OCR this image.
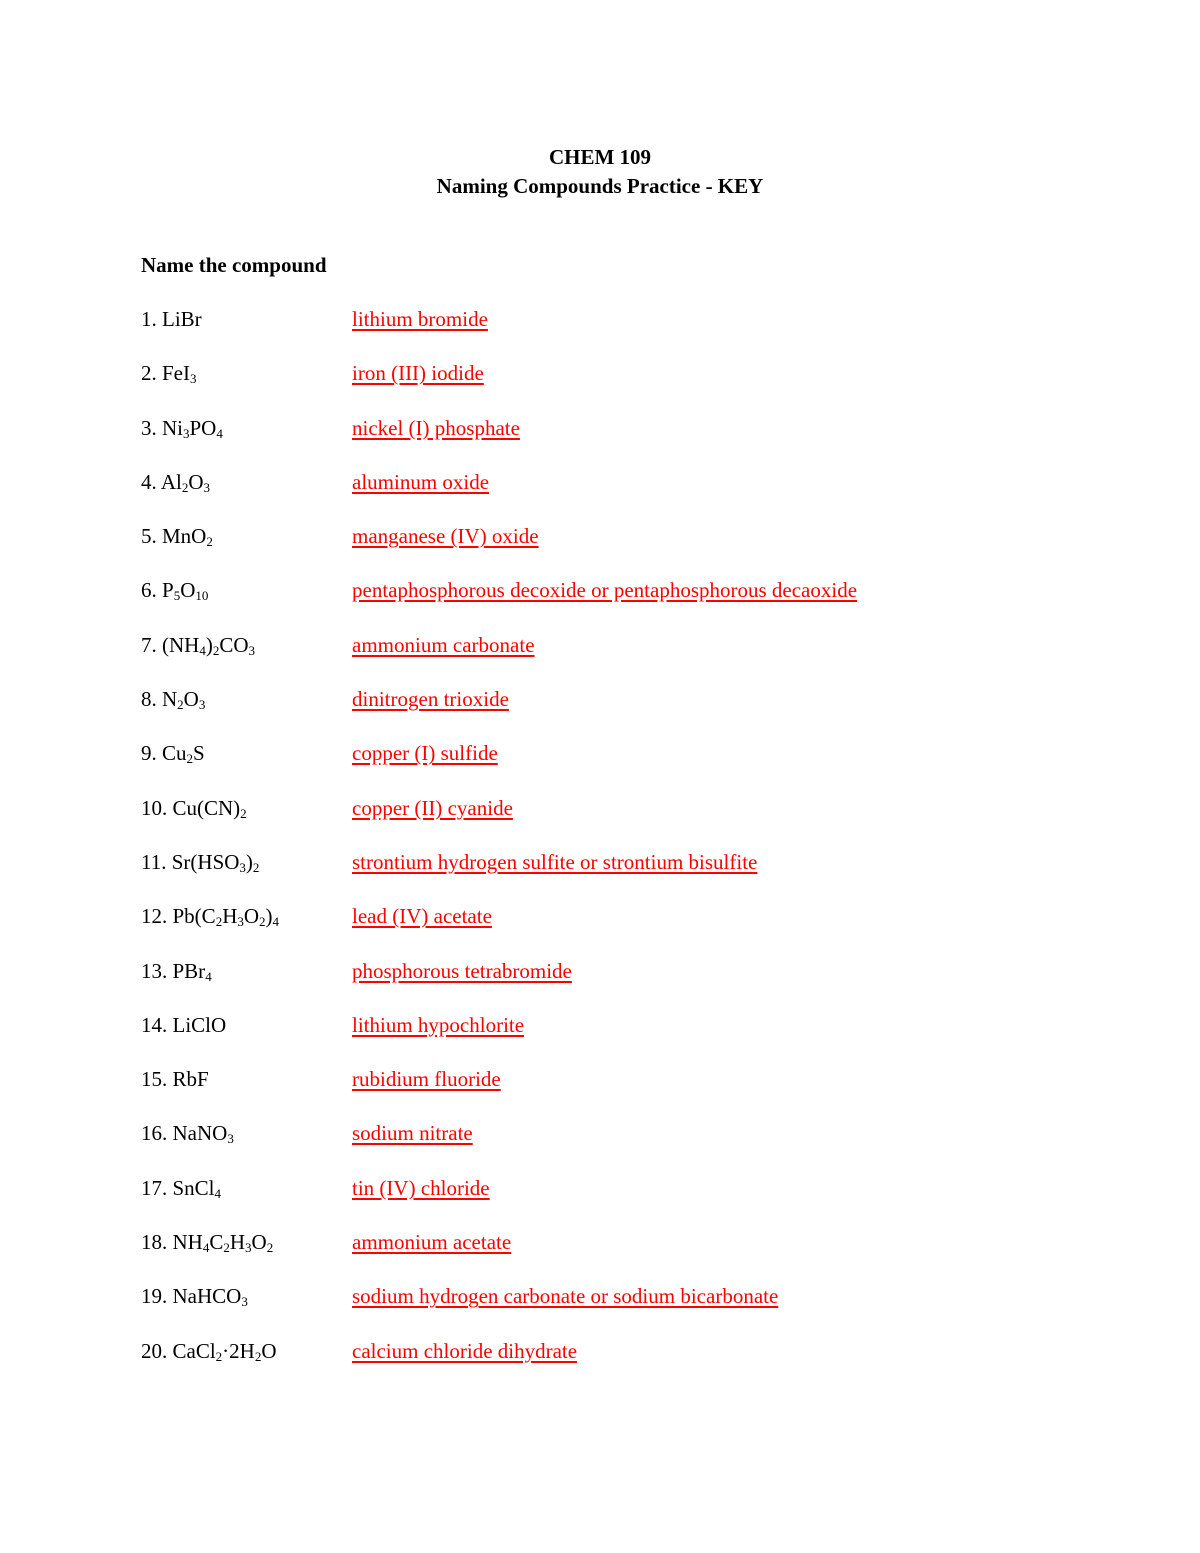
CHEM 109
Naming Compounds Practice - KEY
Name the compound
1. LiBr	lithium bromide
2. FeI$_3$	iron (III) iodide
3. $Ni_3PO_4$	nickel (I) phosphate
4. $Al_2O_3$	aluminum oxide
5. MnO$_2$	manganese (IV) oxide
6. $P_5O_{10}$	pentaphosphorous decoxide or pentaphosphorous decaoxide
7. $(NH_4)_2CO_3$	ammonium carbonate
8. $N_2O_3$	dinitrogen trioxide
9. $Cu_2S$	copper (I) sulfide
10. $Cu(CN)_2$	copper (II) cyanide
11. $Sr(HSO_3)_2$	strontium hydrogen sulfite or strontium bisulfite
12. $Pb(C_2H_3O_2)_4$	lead (IV) acetate
13. PBr$_4$	phosphorous tetrabromide
14. LiClO	lithium hypochlorite
15. RbF	rubidium fluoride
16. NaNO$_3$	sodium nitrate
17. SnCl$_4$	tin (IV) chloride
18. $NH_4C_2H_3O_2$	ammonium acetate
19. NaHCO$_3$	sodium hydrogen carbonate or sodium bicarbonate
20. $CaCl_2\cdot 2H_2O$	calcium chloride dihydrate
